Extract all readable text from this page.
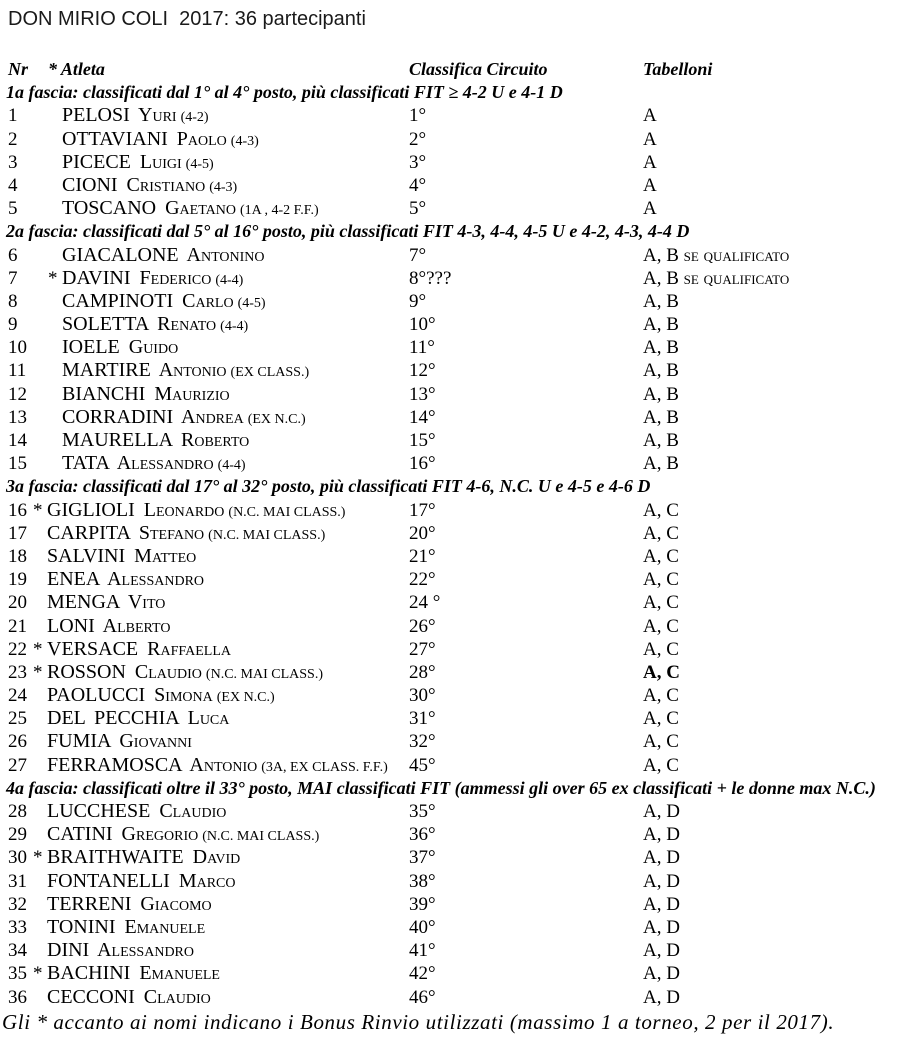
DON MIRIO COLI  2017: 36 partecipanti
Nr * Atleta	Classifica Circuito	Tabelloni
1a fascia: classificati dal 1° al 4° posto, più classificati FIT ≥ 4-2 U e 4-1 D
1 PELOSI Yuri (4-2)	1°	A
2 OTTAVIANI Paolo (4-3)	2°	A
3 PICECE Luigi (4-5)	3°	A
4 CIONI Cristiano (4-3)	4°	A
5 TOSCANO Gaetano (1A , 4-2 F.F.)	5°	A
2a fascia: classificati dal 5° al 16° posto, più classificati FIT 4-3, 4-4, 4-5 U e 4-2, 4-3, 4-4 D
6 GIACALONE Antonino	7°	A, B se qualificato
7 * DAVINI Federico (4-4)	8°???	A, B se qualificato
8 CAMPINOTI Carlo (4-5)	9°	A, B
9 SOLETTA Renato (4-4)	10°	A, B
10 IOELE Guido	11°	A, B
11 MARTIRE Antonio (EX CLASS.)	12°	A, B
12 BIANCHI Maurizio	13°	A, B
13 CORRADINI Andrea (EX N.C.)	14°	A, B
14 MAURELLA Roberto	15°	A, B
15 TATA Alessandro (4-4)	16°	A, B
3a fascia: classificati dal 17° al 32° posto, più classificati FIT 4-6, N.C. U e 4-5 e 4-6 D
16 * GIGLIOLI Leonardo (N.C. MAI CLASS.)	17°	A, C
17 CARPITA Stefano (N.C. MAI CLASS.)	20°	A, C
18 SALVINI Matteo	21°	A, C
19 ENEA Alessandro	22°	A, C
20 MENGA Vito	24 °	A, C
21 LONI Alberto	26°	A, C
22 * VERSACE Raffaella	27°	A, C
23 * ROSSON Claudio (N.C. MAI CLASS.)	28°	A, C
24 PAOLUCCI Simona (EX N.C.)	30°	A, C
25 DEL PECCHIA Luca	31°	A, C
26 FUMIA Giovanni	32°	A, C
27 FERRAMOSCA Antonio (3A, EX CLASS. F.F.) 45°	A, C
4a fascia: classificati oltre il 33° posto, MAI classificati FIT (ammessi gli over 65 ex classificati + le donne max N.C.)
28 LUCCHESE Claudio	35°	A, D
29 CATINI Gregorio (N.C. MAI CLASS.)	36°	A, D
30 * BRAITHWAITE David	37°	A, D
31 FONTANELLI Marco	38°	A, D
32 TERRENI Giacomo	39°	A, D
33 TONINI Emanuele	40°	A, D
34 DINI Alessandro	41°	A, D
35 * BACHINI Emanuele	42°	A, D
36 CECCONI Claudio	46°	A, D
Gli * accanto ai nomi indicano i Bonus Rinvio utilizzati (massimo 1 a torneo, 2 per il 2017).
